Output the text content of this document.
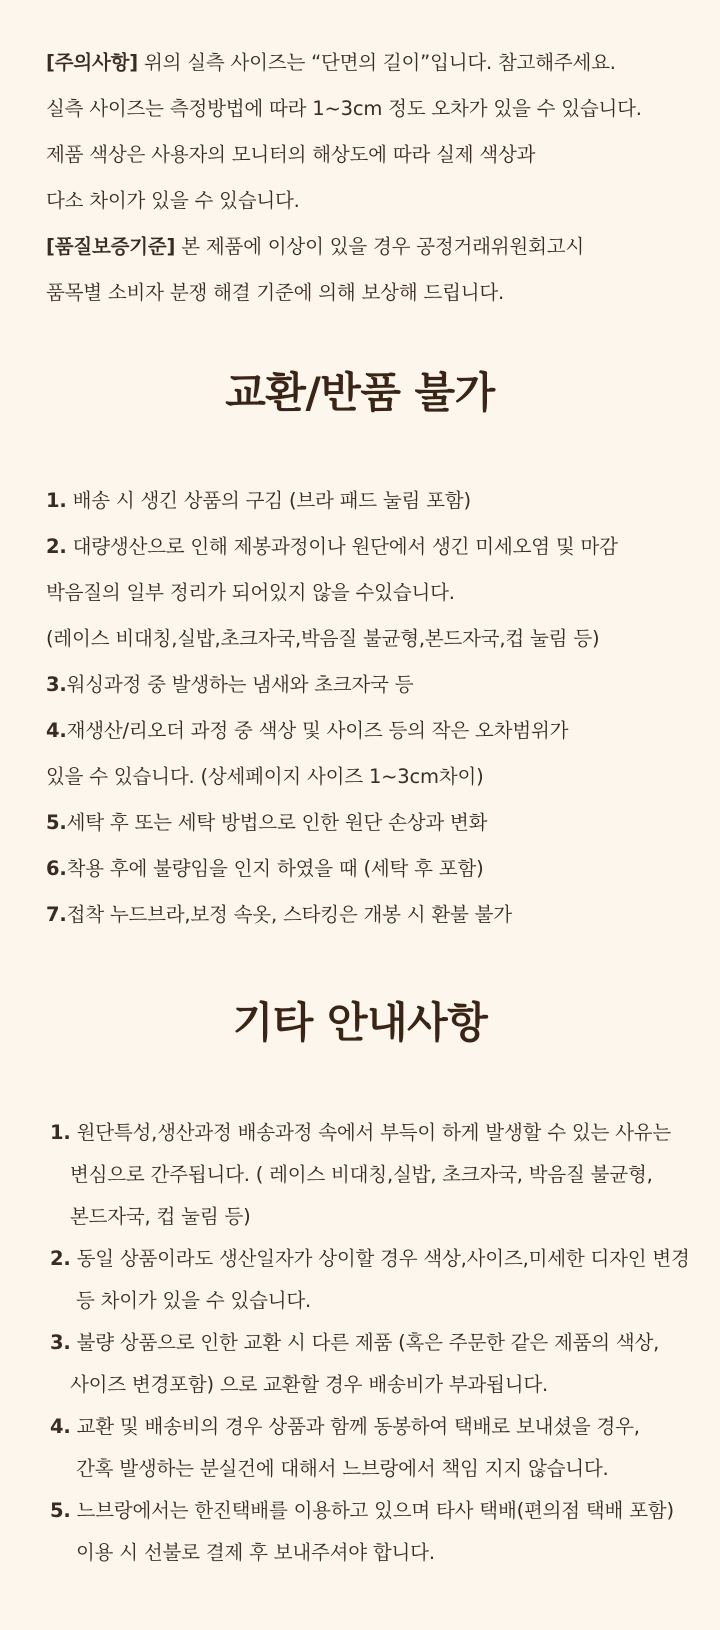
[주의사항] 위의 실측 사이즈는 “단면의 길이”입니다. 참고해주세요.
실측 사이즈는 측정방법에 따라 1~3cm 정도 오차가 있을 수 있습니다.
제품 색상은 사용자의 모니터의 해상도에 따라 실제 색상과
다소 차이가 있을 수 있습니다.
[품질보증기준] 본 제품에 이상이 있을 경우 공정거래위원회고시
품목별 소비자 분쟁 해결 기준에 의해 보상해 드립니다.
교환/반품 불가
1. 배송 시 생긴 상품의 구김 (브라 패드 눌림 포함)
2. 대량생산으로 인해 제봉과정이나 원단에서 생긴 미세오염 및 마감
박음질의 일부 정리가 되어있지 않을 수있습니다.
(레이스 비대칭,실밥,초크자국,박음질 불균형,본드자국,컵 눌림 등)
3.워싱과정 중 발생하는 냄새와 초크자국 등
4.재생산/리오더 과정 중 색상 및 사이즈 등의 작은 오차범위가
있을 수 있습니다. (상세페이지 사이즈 1~3cm차이)
5.세탁 후 또는 세탁 방법으로 인한 원단 손상과 변화
6.착용 후에 불량임을 인지 하였을 때 (세탁 후 포함)
7.접착 누드브라,보정 속옷, 스타킹은 개봉 시 환불 불가
기타 안내사항
1. 원단특성,생산과정 배송과정 속에서 부득이 하게 발생할 수 있는 사유는
변심으로 간주됩니다. ( 레이스 비대칭,실밥, 초크자국, 박음질 불균형,
본드자국, 컵 눌림 등)
2. 동일 상품이라도 생산일자가 상이할 경우 색상,사이즈,미세한 디자인 변경
등 차이가 있을 수 있습니다.
3. 불량 상품으로 인한 교환 시 다른 제품 (혹은 주문한 같은 제품의 색상,
사이즈 변경포함) 으로 교환할 경우 배송비가 부과됩니다.
4. 교환 및 배송비의 경우 상품과 함께 동봉하여 택배로 보내셨을 경우,
간혹 발생하는 분실건에 대해서 느브랑에서 책임 지지 않습니다.
5. 느브랑에서는 한진택배를 이용하고 있으며 타사 택배(편의점 택배 포함)
이용 시 선불로 결제 후 보내주셔야 합니다.
